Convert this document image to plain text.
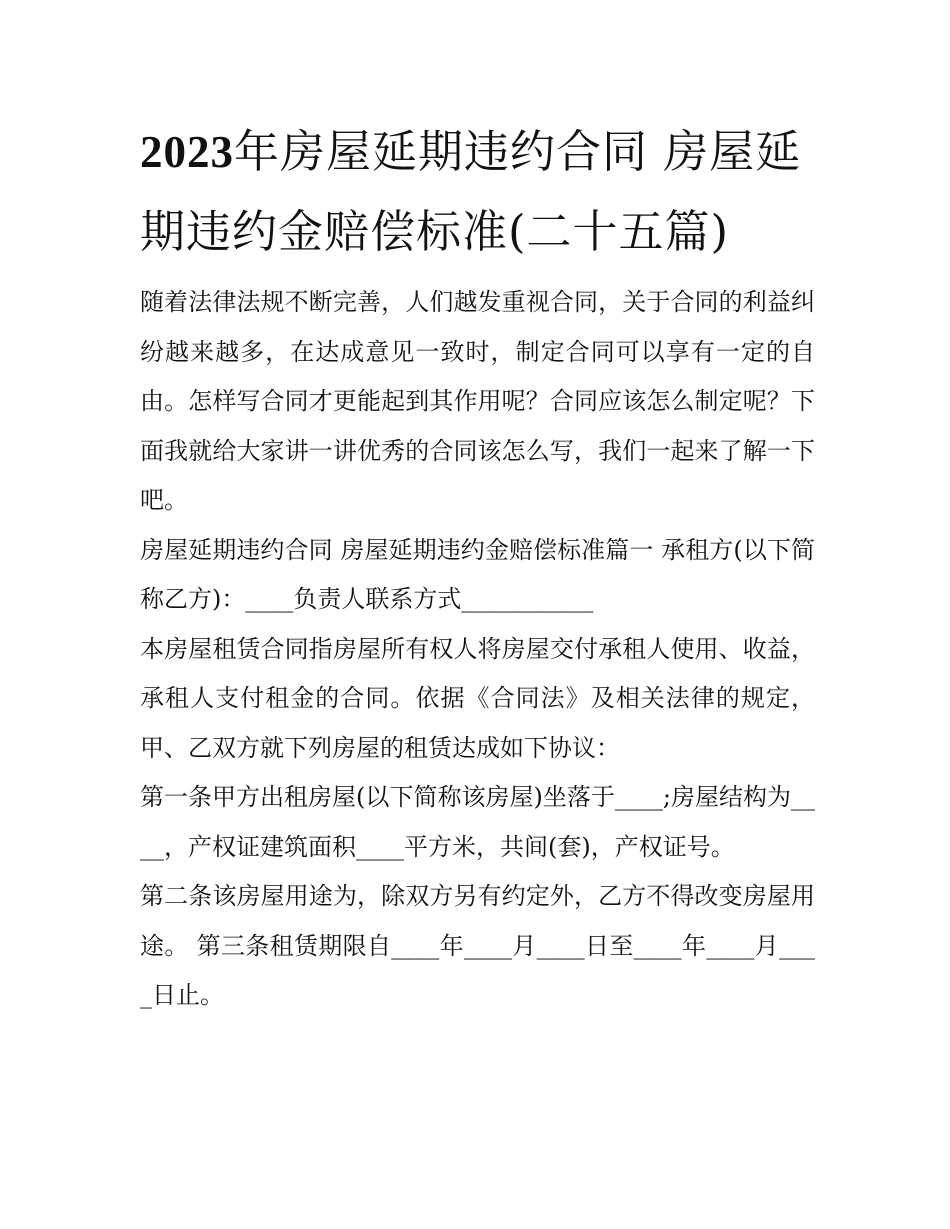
2023年房屋延期违约合同 房屋延期违约金赔偿标准(二十五篇)

随着法律法规不断完善，人们越发重视合同，关于合同的利益纠纷越来越多，在达成意见一致时，制定合同可以享有一定的自由。怎样写合同才更能起到其作用呢？合同应该怎么制定呢？下面我就给大家讲一讲优秀的合同该怎么写，我们一起来了解一下吧。

房屋延期违约合同 房屋延期违约金赔偿标准篇一 承租方(以下简称乙方)：____负责人联系方式___________

本房屋租赁合同指房屋所有权人将房屋交付承租人使用、收益，承租人支付租金的合同。依据《合同法》及相关法律的规定，甲、乙双方就下列房屋的租赁达成如下协议：

第一条甲方出租房屋(以下简称该房屋)坐落于____;房屋结构为____，产权证建筑面积____平方米，共间(套)，产权证号。

第二条该房屋用途为，除双方另有约定外，乙方不得改变房屋用途。 第三条租赁期限自____年____月____日至____年____月____日止。
